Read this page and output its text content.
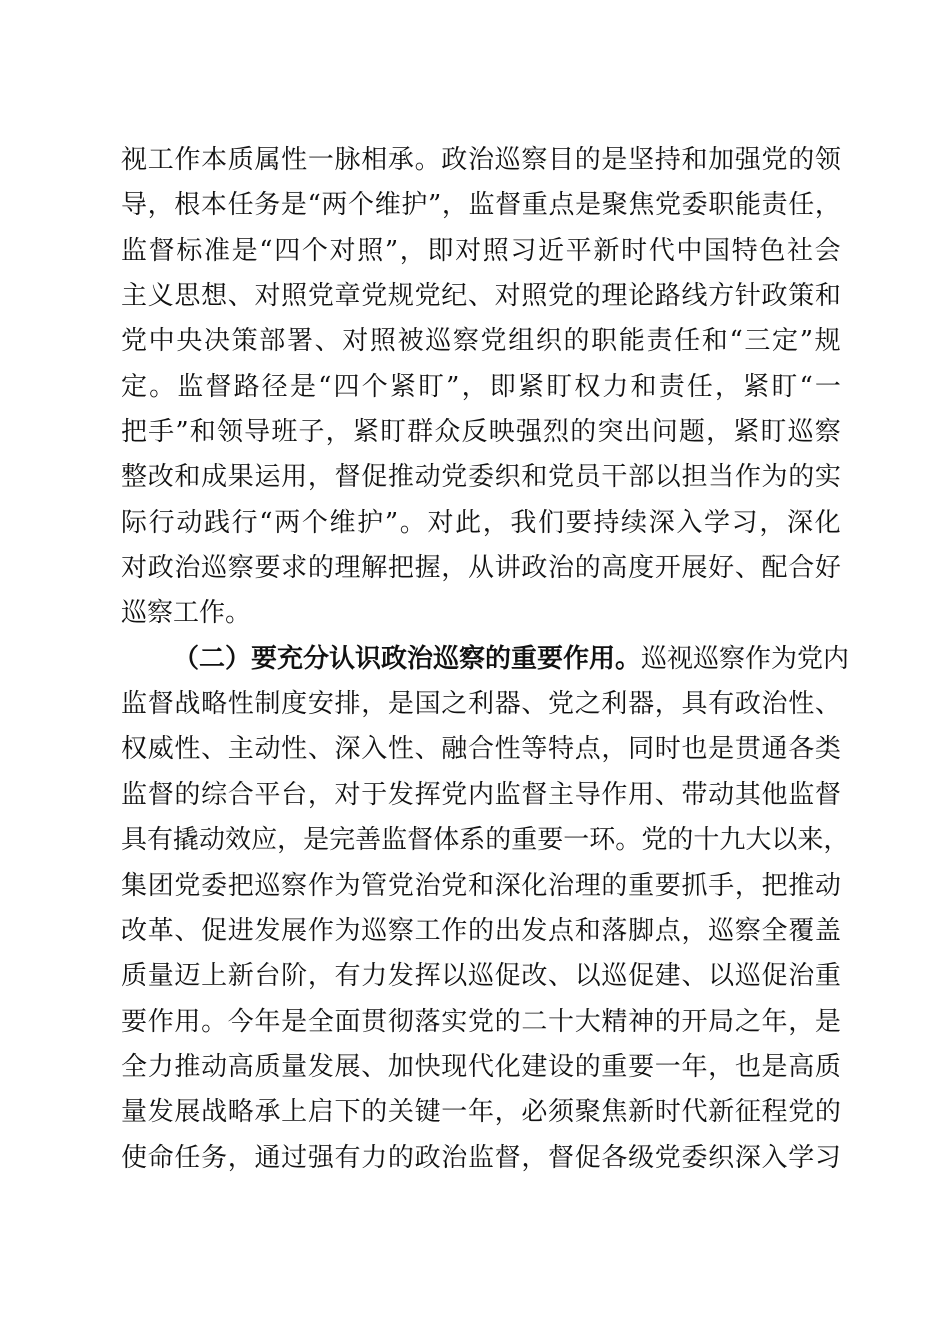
视 工 作 本 质 属 性 一 脉 相 承 。 政 治 巡 察 目 的 是 坚 持 和 加 强 党 的 领
导 ， 根 本 任 务 是 “ 两 个 维 护 ” ， 监 督 重 点 是 聚 焦 党 委 职 能 责 任 ，
监 督 标 准 是 “ 四 个 对 照 ” ， 即 对 照 习 近 平 新 时 代 中 国 特 色 社 会
主 义 思 想 、 对 照 党 章 党 规 党 纪 、 对 照 党 的 理 论 路 线 方 针 政 策 和
党 中 央 决 策 部 署 、 对 照 被 巡 察 党 组 织 的 职 能 责 任 和 “ 三 定 ” 规
定 。 监 督 路 径 是 “ 四 个 紧 盯 ” ， 即 紧 盯 权 力 和 责 任 ， 紧 盯 “ 一
把 手 ” 和 领 导 班 子 ， 紧 盯 群 众 反 映 强 烈 的 突 出 问 题 ， 紧 盯 巡 察
整 改 和 成 果 运 用 ， 督 促 推 动 党 委 织 和 党 员 干 部 以 担 当 作 为 的 实
际 行 动 践 行 “ 两 个 维 护 ” 。 对 此 ， 我 们 要 持 续 深 入 学 习 ， 深 化
对 政 治 巡 察 要 求 的 理 解 把 握 ， 从 讲 政 治 的 高 度 开 展 好 、 配 合 好
巡察工作。
（二）要充分认识政治巡察的重要作用。 巡视巡察作为党内
监 督 战 略 性 制 度 安 排 ， 是 国 之 利 器 、 党 之 利 器 ， 具 有 政 治 性 、
权 威 性 、 主 动 性 、 深 入 性 、 融 合 性 等 特 点 ， 同 时 也 是 贯 通 各 类
监 督 的 综 合 平 台 ， 对 于 发 挥 党 内 监 督 主 导 作 用 、 带 动 其 他 监 督
具 有 撬 动 效 应 ， 是 完 善 监 督 体 系 的 重 要 一 环 。 党 的 十 九 大 以 来 ，
集 团 党 委 把 巡 察 作 为 管 党 治 党 和 深 化 治 理 的 重 要 抓 手 ， 把 推 动
改 革 、 促 进 发 展 作 为 巡 察 工 作 的 出 发 点 和 落 脚 点 ， 巡 察 全 覆 盖
质 量 迈 上 新 台 阶 ， 有 力 发 挥 以 巡 促 改 、 以 巡 促 建 、 以 巡 促 治 重
要 作 用 。 今 年 是 全 面 贯 彻 落 实 党 的 二 十 大 精 神 的 开 局 之 年 ， 是
全 力 推 动 高 质 量 发 展 、 加 快 现 代 化 建 设 的 重 要 一 年 ， 也 是 高 质
量 发 展 战 略 承 上 启 下 的 关 键 一 年 ， 必 须 聚 焦 新 时 代 新 征 程 党 的
使 命 任 务 ， 通 过 强 有 力 的 政 治 监 督 ， 督 促 各 级 党 委 织 深 入 学 习
